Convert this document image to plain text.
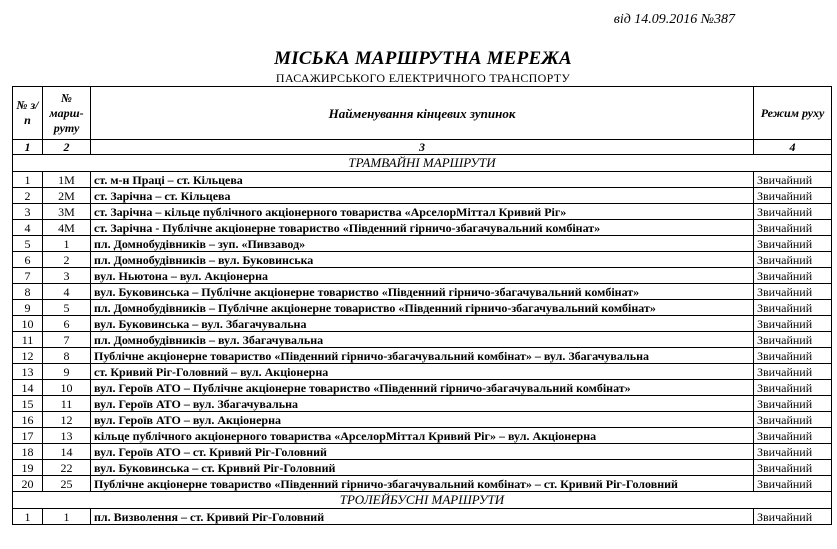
від 14.09.2016 №387
МІСЬКА МАРШРУТНА МЕРЕЖА
ПАСАЖИРСЬКОГО ЕЛЕКТРИЧНОГО ТРАНСПОРТУ
№ з/п	№ марш-руту	Найменування кінцевих зупинок	Режим руху
1	2	3	4
ТРАМВАЙНІ МАРШРУТИ			
1	1М	ст. м-н Праці – ст. Кільцева	Звичайний
2	2М	ст. Зарічна – ст. Кільцева	Звичайний
3	3М	ст. Зарічна – кільце публічного акціонерного товариства «АрселорМіттал Кривий Ріг»	Звичайний
4	4М	ст. Зарічна - Публічне акціонерне товариство «Південний гірничо-збагачувальний комбінат»	Звичайний
5	1	пл. Домнобудівників – зуп. «Пивзавод»	Звичайний
6	2	пл. Домнобудівників – вул. Буковинська	Звичайний
7	3	вул. Ньютона – вул. Акціонерна	Звичайний
8	4	вул. Буковинська – Публічне акціонерне товариство «Південний гірничо-збагачувальний комбінат»	Звичайний
9	5	пл. Домнобудівників – Публічне акціонерне товариство «Південний гірничо-збагачувальний комбінат»	Звичайний
10	6	вул. Буковинська – вул. Збагачувальна	Звичайний
11	7	пл. Домнобудівників – вул. Збагачувальна	Звичайний
12	8	Публічне акціонерне товариство «Південний гірничо-збагачувальний комбінат» – вул. Збагачувальна	Звичайний
13	9	ст. Кривий Ріг-Головний – вул. Акціонерна	Звичайний
14	10	вул. Героїв АТО – Публічне акціонерне товариство «Південний гірничо-збагачувальний комбінат»	Звичайний
15	11	вул. Героїв АТО – вул. Збагачувальна	Звичайний
16	12	вул. Героїв АТО – вул. Акціонерна	Звичайний
17	13	кільце публічного акціонерного товариства «АрселорМіттал Кривий Ріг» – вул. Акціонерна	Звичайний
18	14	вул. Героїв АТО – ст. Кривий Ріг-Головний	Звичайний
19	22	вул. Буковинська – ст. Кривий Ріг-Головний	Звичайний
20	25	Публічне акціонерне товариство «Південний гірничо-збагачувальний комбінат» – ст. Кривий Ріг-Головний	Звичайний
ТРОЛЕЙБУСНІ МАРШРУТИ			
1	1	пл. Визволення – ст. Кривий Ріг-Головний	Звичайний
